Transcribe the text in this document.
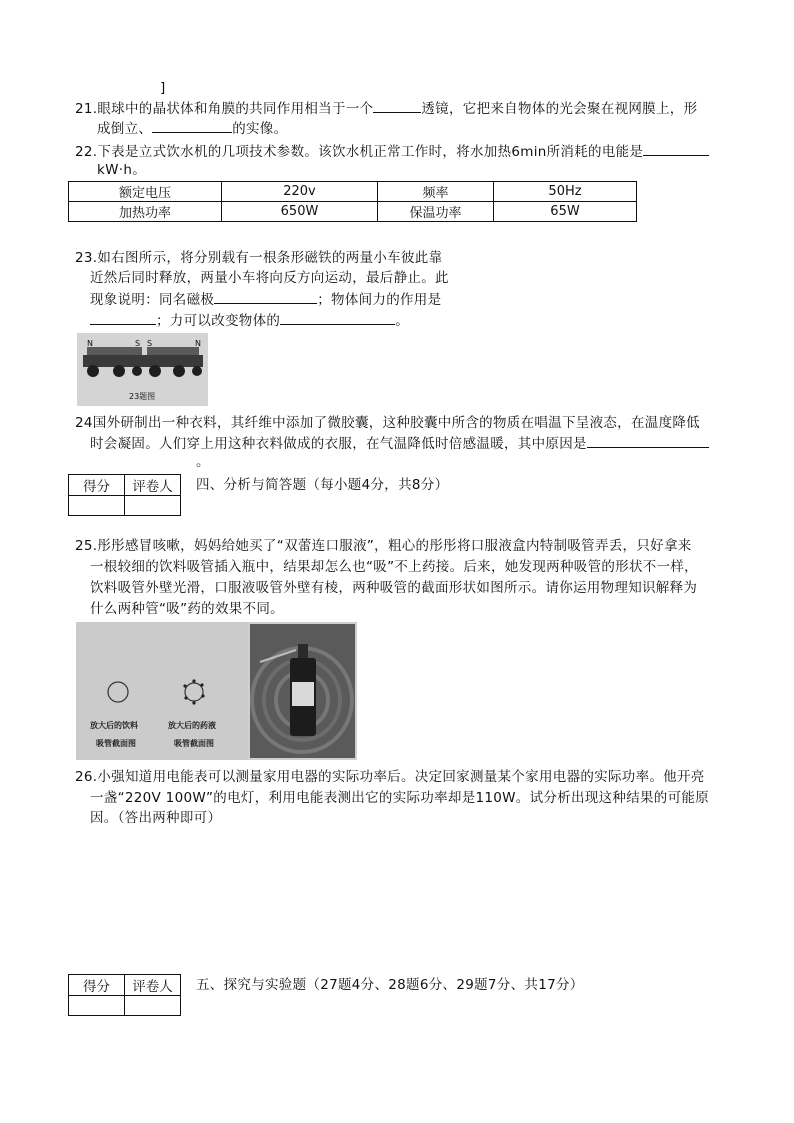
]
21.眼球中的晶状体和角膜的共同作用相当于一个	透镜，它把来自物体的光会聚在视网膜上，形
成倒立、	的实像。
22.下表是立式饮水机的几项技术参数。该饮水机正常工作时，将水加热6min所消耗的电能是
kW·h。
额定电压	220v	频率	50Hz
加热功率	650W	保温功率	65W
23.如右图所示，将分别载有一根条形磁铁的两量小车彼此靠
近然后同时释放，两量小车将向反方向运动，最后静止。此
现象说明：同名磁极	；物体间力的作用是
；力可以改变物体的	。
N	S S	N
23题图
24国外研制出一种衣料，其纤维中添加了微胶囊，这种胶囊中所含的物质在唱温下呈液态，在温度降低
时会凝固。人们穿上用这种衣料做成的衣服，在气温降低时倍感温暖，其中原因是
。
得分	评卷人
	四、分析与简答题（每小题4分，共8分）
25.彤彤感冒咳嗽，妈妈给她买了“双蕾连口服液”，粗心的彤彤将口服液盒内特制吸管弄丢，只好拿来
一根较细的饮料吸管插入瓶中，结果却怎么也“吸”不上药接。后来，她发现两种吸管的形状不一样，
饮料吸管外壁光滑，口服液吸管外壁有棱，两种吸管的截面形状如图所示。请你运用物理知识解释为
什么两种管“吸”药的效果不同。
放大后的饮料
吸管截面图
放大后的药液
吸管截面图
26.小强知道用电能表可以测量家用电器的实际功率后。决定回家测量某个家用电器的实际功率。他开亮
一盏“220V 100W”的电灯，利用电能表测出它的实际功率却是110W。试分析出现这种结果的可能原
因。（答出两种即可）
得分	评卷人
	五、探究与实验题（27题4分、28题6分、29题7分、共17分）
